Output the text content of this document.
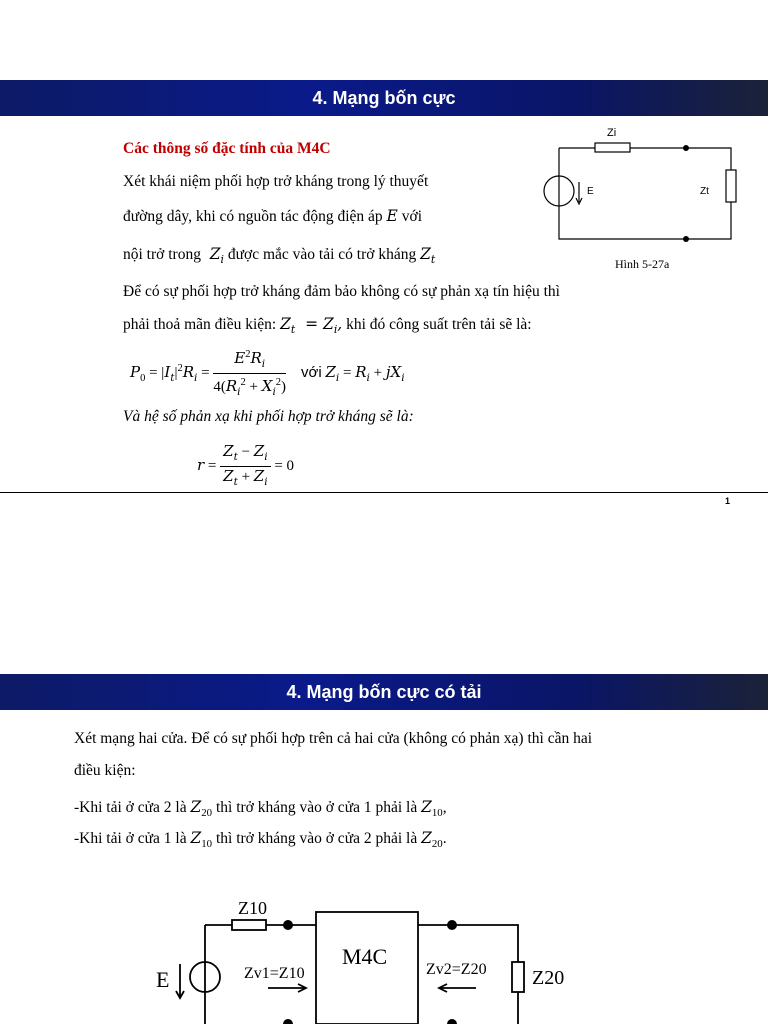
4. Mạng bốn cực
Các thông số đặc tính của M4C
Xét khái niệm phối hợp trở kháng trong lý thuyết
đường dây, khi có nguồn tác động điện áp E với
nội trở trong  $Z_i$ được mắc vào tải có trở kháng $Z_t$
Để có sự phối hợp trở kháng đảm bảo không có sự phản xạ tín hiệu thì
phải thoả mãn điều kiện: $Z_t = Z_i$, khi đó công suất trên tải sẽ là:
$P_0 = |I_t|^2R_i = \frac{E^2R_i}{4(R_i^2 + X_i^2)}$ với $Z_i = R_i + jX_i$
Và hệ số phản xạ khi phối hợp trở kháng sẽ là:
$r = \frac{Z_t - Z_i}{Z_t + Z_i} = 0$
Zi
E	Zt
Hình 5-27a
1
4. Mạng bốn cực có tải
Xét mạng hai cửa. Để có sự phối hợp trên cả hai cửa (không có phản xạ) thì cần hai
điều kiện:
-Khi tải ở cửa 2 là $Z_{20}$ thì trở kháng vào ở cửa 1 phải là $Z_{10}$,
-Khi tải ở cửa 1 là $Z_{10}$ thì trở kháng vào ở cửa 2 phải là $Z_{20}$.
Z10
E	Zv1=Z10
M4C
Zv2=Z20 Z20
